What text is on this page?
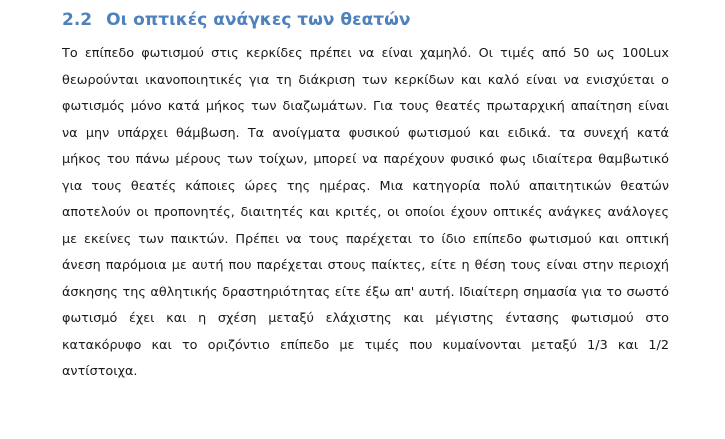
2.2 Οι οπτικές ανάγκες των θεατών

Το επίπεδο φωτισμού στις κερκίδες πρέπει να είναι χαμηλό. Οι τιμές από 50 ως 100Lux
θεωρούνται ικανοποιητικές για τη διάκριση των κερκίδων και καλό είναι να ενισχύεται ο
φωτισμός μόνο κατά μήκος των διαζωμάτων. Για τους θεατές πρωταρχική απαίτηση είναι
να μην υπάρχει θάμβωση. Τα ανοίγματα φυσικού φωτισμού και ειδικά. τα συνεχή κατά
μήκος του πάνω μέρους των τοίχων, μπορεί να παρέχουν φυσικό φως ιδιαίτερα θαμβωτικό
για τους θεατές κάποιες ώρες της ημέρας. Μια κατηγορία πολύ απαιτητικών θεατών
αποτελούν οι προπονητές, διαιτητές και κριτές, οι οποίοι έχουν οπτικές ανάγκες ανάλογες
με εκείνες των παικτών. Πρέπει να τους παρέχεται το ίδιο επίπεδο φωτισμού και οπτική
άνεση παρόμοια με αυτή που παρέχεται στους παίκτες, είτε η θέση τους είναι στην περιοχή
άσκησης της αθλητικής δραστηριότητας είτε έξω απ' αυτή. Ιδιαίτερη σημασία για το σωστό
φωτισμό έχει και η σχέση μεταξύ ελάχιστης και μέγιστης έντασης φωτισμού στο
κατακόρυφο και το οριζόντιο επίπεδο με τιμές που κυμαίνονται μεταξύ 1/3 και 1/2
αντίστοιχα.
